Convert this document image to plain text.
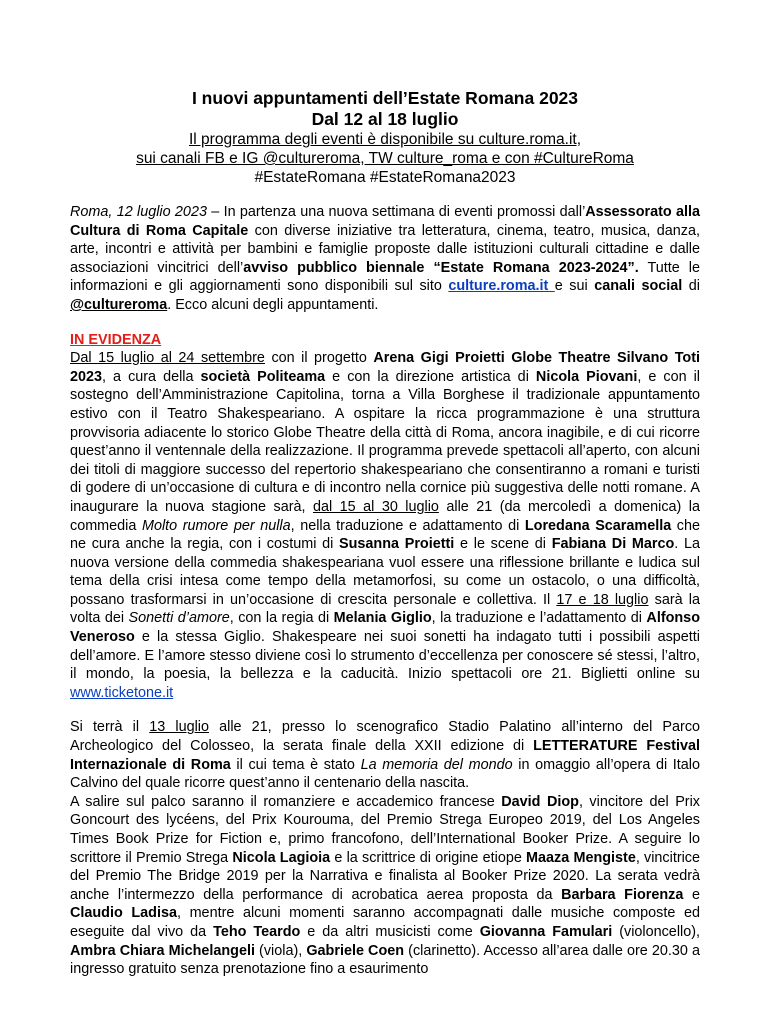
I nuovi appuntamenti dell’Estate Romana 2023

Dal 12 al 18 luglio

Il programma degli eventi è disponibile su culture.roma.it,

sui canali FB e IG @cultureroma, TW culture_roma e con #CultureRoma

#EstateRomana #EstateRomana2023

Roma, 12 luglio 2023 – In partenza una nuova settimana di eventi promossi dall’Assessorato alla Cultura di Roma Capitale con diverse iniziative tra letteratura, cinema, teatro, musica, danza, arte, incontri e attività per bambini e famiglie proposte dalle istituzioni culturali cittadine e dalle associazioni vincitrici dell’avviso pubblico biennale “Estate Romana 2023-2024”. Tutte le informazioni e gli aggiornamenti sono disponibili sul sito culture.roma.it e sui canali social di @cultureroma. Ecco alcuni degli appuntamenti.

IN EVIDENZA

Dal 15 luglio al 24 settembre con il progetto Arena Gigi Proietti Globe Theatre Silvano Toti 2023, a cura della società Politeama e con la direzione artistica di Nicola Piovani, e con il sostegno dell’Amministrazione Capitolina, torna a Villa Borghese il tradizionale appuntamento estivo con il Teatro Shakespeariano. A ospitare la ricca programmazione è una struttura provvisoria adiacente lo storico Globe Theatre della città di Roma, ancora inagibile, e di cui ricorre quest’anno il ventennale della realizzazione. Il programma prevede spettacoli all’aperto, con alcuni dei titoli di maggiore successo del repertorio shakespeariano che consentiranno a romani e turisti di godere di un’occasione di cultura e di incontro nella cornice più suggestiva delle notti romane. A inaugurare la nuova stagione sarà, dal 15 al 30 luglio alle 21 (da mercoledì a domenica) la commedia Molto rumore per nulla, nella traduzione e adattamento di Loredana Scaramella che ne cura anche la regia, con i costumi di Susanna Proietti e le scene di Fabiana Di Marco. La nuova versione della commedia shakespeariana vuol essere una riflessione brillante e ludica sul tema della crisi intesa come tempo della metamorfosi, su come un ostacolo, o una difficoltà, possano trasformarsi in un’occasione di crescita personale e collettiva. Il 17 e 18 luglio sarà la volta dei Sonetti d’amore, con la regia di Melania Giglio, la traduzione e l’adattamento di Alfonso Veneroso e la stessa Giglio. Shakespeare nei suoi sonetti ha indagato tutti i possibili aspetti dell’amore. E l’amore stesso diviene così lo strumento d’eccellenza per conoscere sé stessi, l’altro, il mondo, la poesia, la bellezza e la caducità. Inizio spettacoli ore 21. Biglietti online su www.ticketone.it

Si terrà il 13 luglio alle 21, presso lo scenografico Stadio Palatino all’interno del Parco Archeologico del Colosseo, la serata finale della XXII edizione di LETTERATURE Festival Internazionale di Roma il cui tema è stato La memoria del mondo in omaggio all’opera di Italo Calvino del quale ricorre quest’anno il centenario della nascita.

A salire sul palco saranno il romanziere e accademico francese David Diop, vincitore del Prix Goncourt des lycéens, del Prix Kourouma, del Premio Strega Europeo 2019, del Los Angeles Times Book Prize for Fiction e, primo francofono, dell’International Booker Prize. A seguire lo scrittore il Premio Strega Nicola Lagioia e la scrittrice di origine etiope Maaza Mengiste, vincitrice del Premio The Bridge 2019 per la Narrativa e finalista al Booker Prize 2020. La serata vedrà anche l’intermezzo della performance di acrobatica aerea proposta da Barbara Fiorenza e Claudio Ladisa, mentre alcuni momenti saranno accompagnati dalle musiche composte ed eseguite dal vivo da Teho Teardo e da altri musicisti come Giovanna Famulari (violoncello), Ambra Chiara Michelangeli (viola), Gabriele Coen (clarinetto). Accesso all’area dalle ore 20.30 a ingresso gratuito senza prenotazione fino a esaurimento
